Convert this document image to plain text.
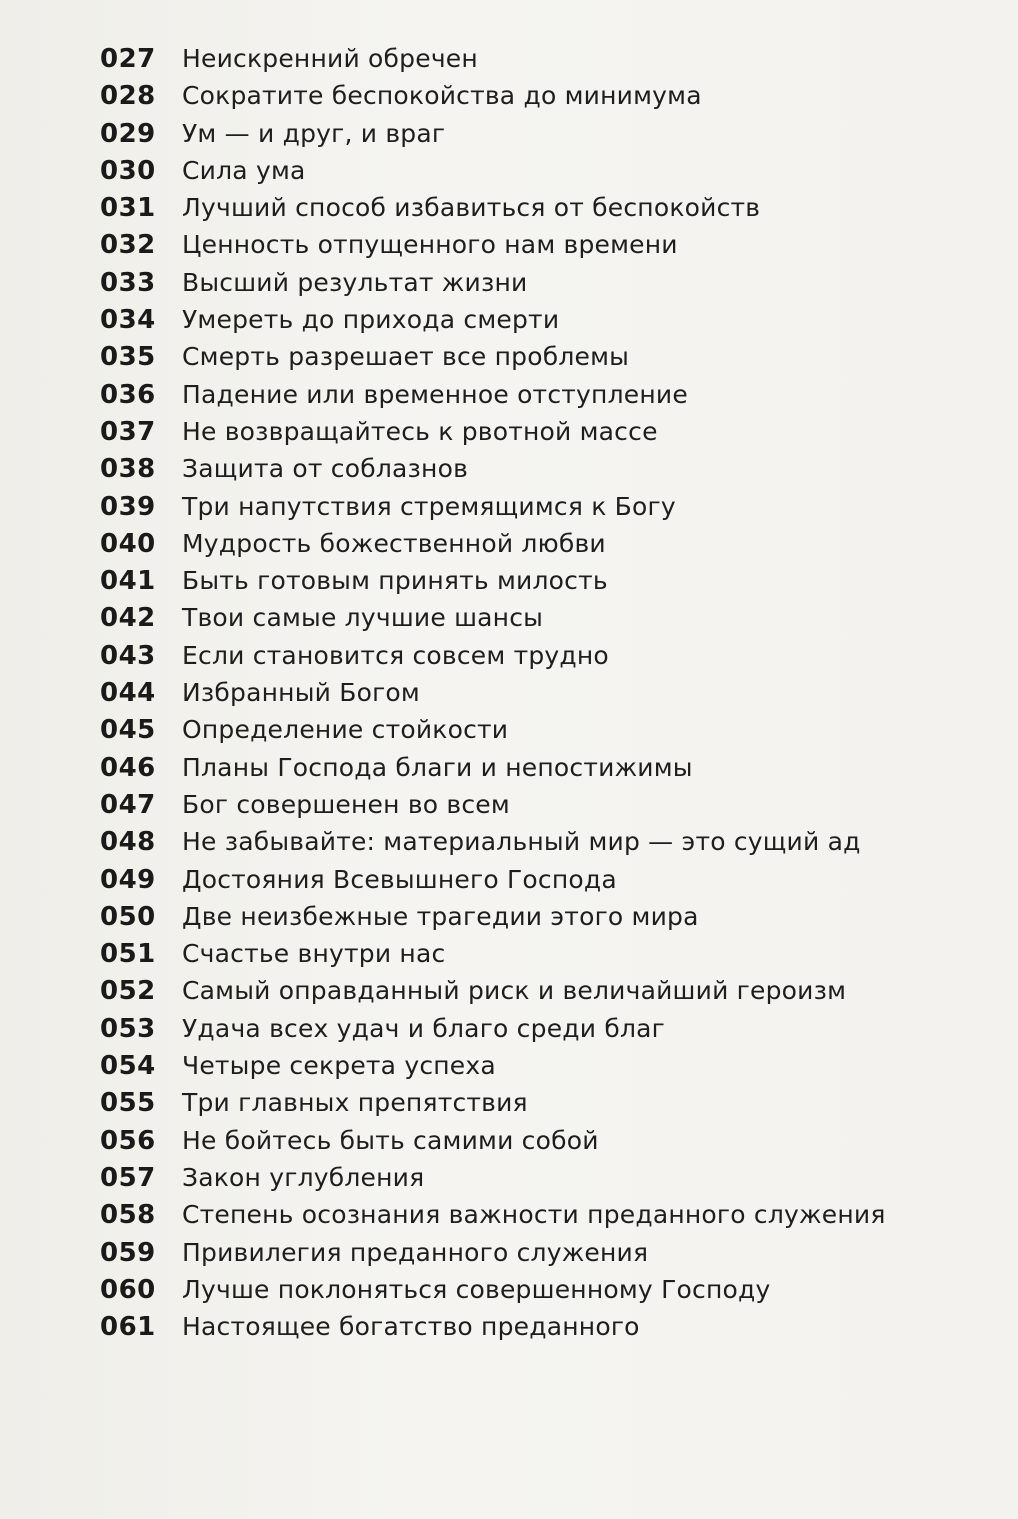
027	Неискренний обречен
028	Сократите беспокойства до минимума
029	Ум — и друг, и враг
030	Сила ума
031	Лучший способ избавиться от беспокойств
032	Ценность отпущенного нам времени
033	Высший результат жизни
034	Умереть до прихода смерти
035	Смерть разрешает все проблемы
036	Падение или временное отступление
037	Не возвращайтесь к рвотной массе
038	Защита от соблазнов
039	Три напутствия стремящимся к Богу
040	Мудрость божественной любви
041	Быть готовым принять милость
042	Твои самые лучшие шансы
043	Если становится совсем трудно
044	Избранный Богом
045	Определение стойкости
046	Планы Господа благи и непостижимы
047	Бог совершенен во всем
048	Не забывайте: материальный мир — это сущий ад
049	Достояния Всевышнего Господа
050	Две неизбежные трагедии этого мира
051	Счастье внутри нас
052	Самый оправданный риск и величайший героизм
053	Удача всех удач и благо среди благ
054	Четыре секрета успеха
055	Три главных препятствия
056	Не бойтесь быть самими собой
057	Закон углубления
058	Степень осознания важности преданного служения
059	Привилегия преданного служения
060	Лучше поклоняться совершенному Господу
061	Настоящее богатство преданного
